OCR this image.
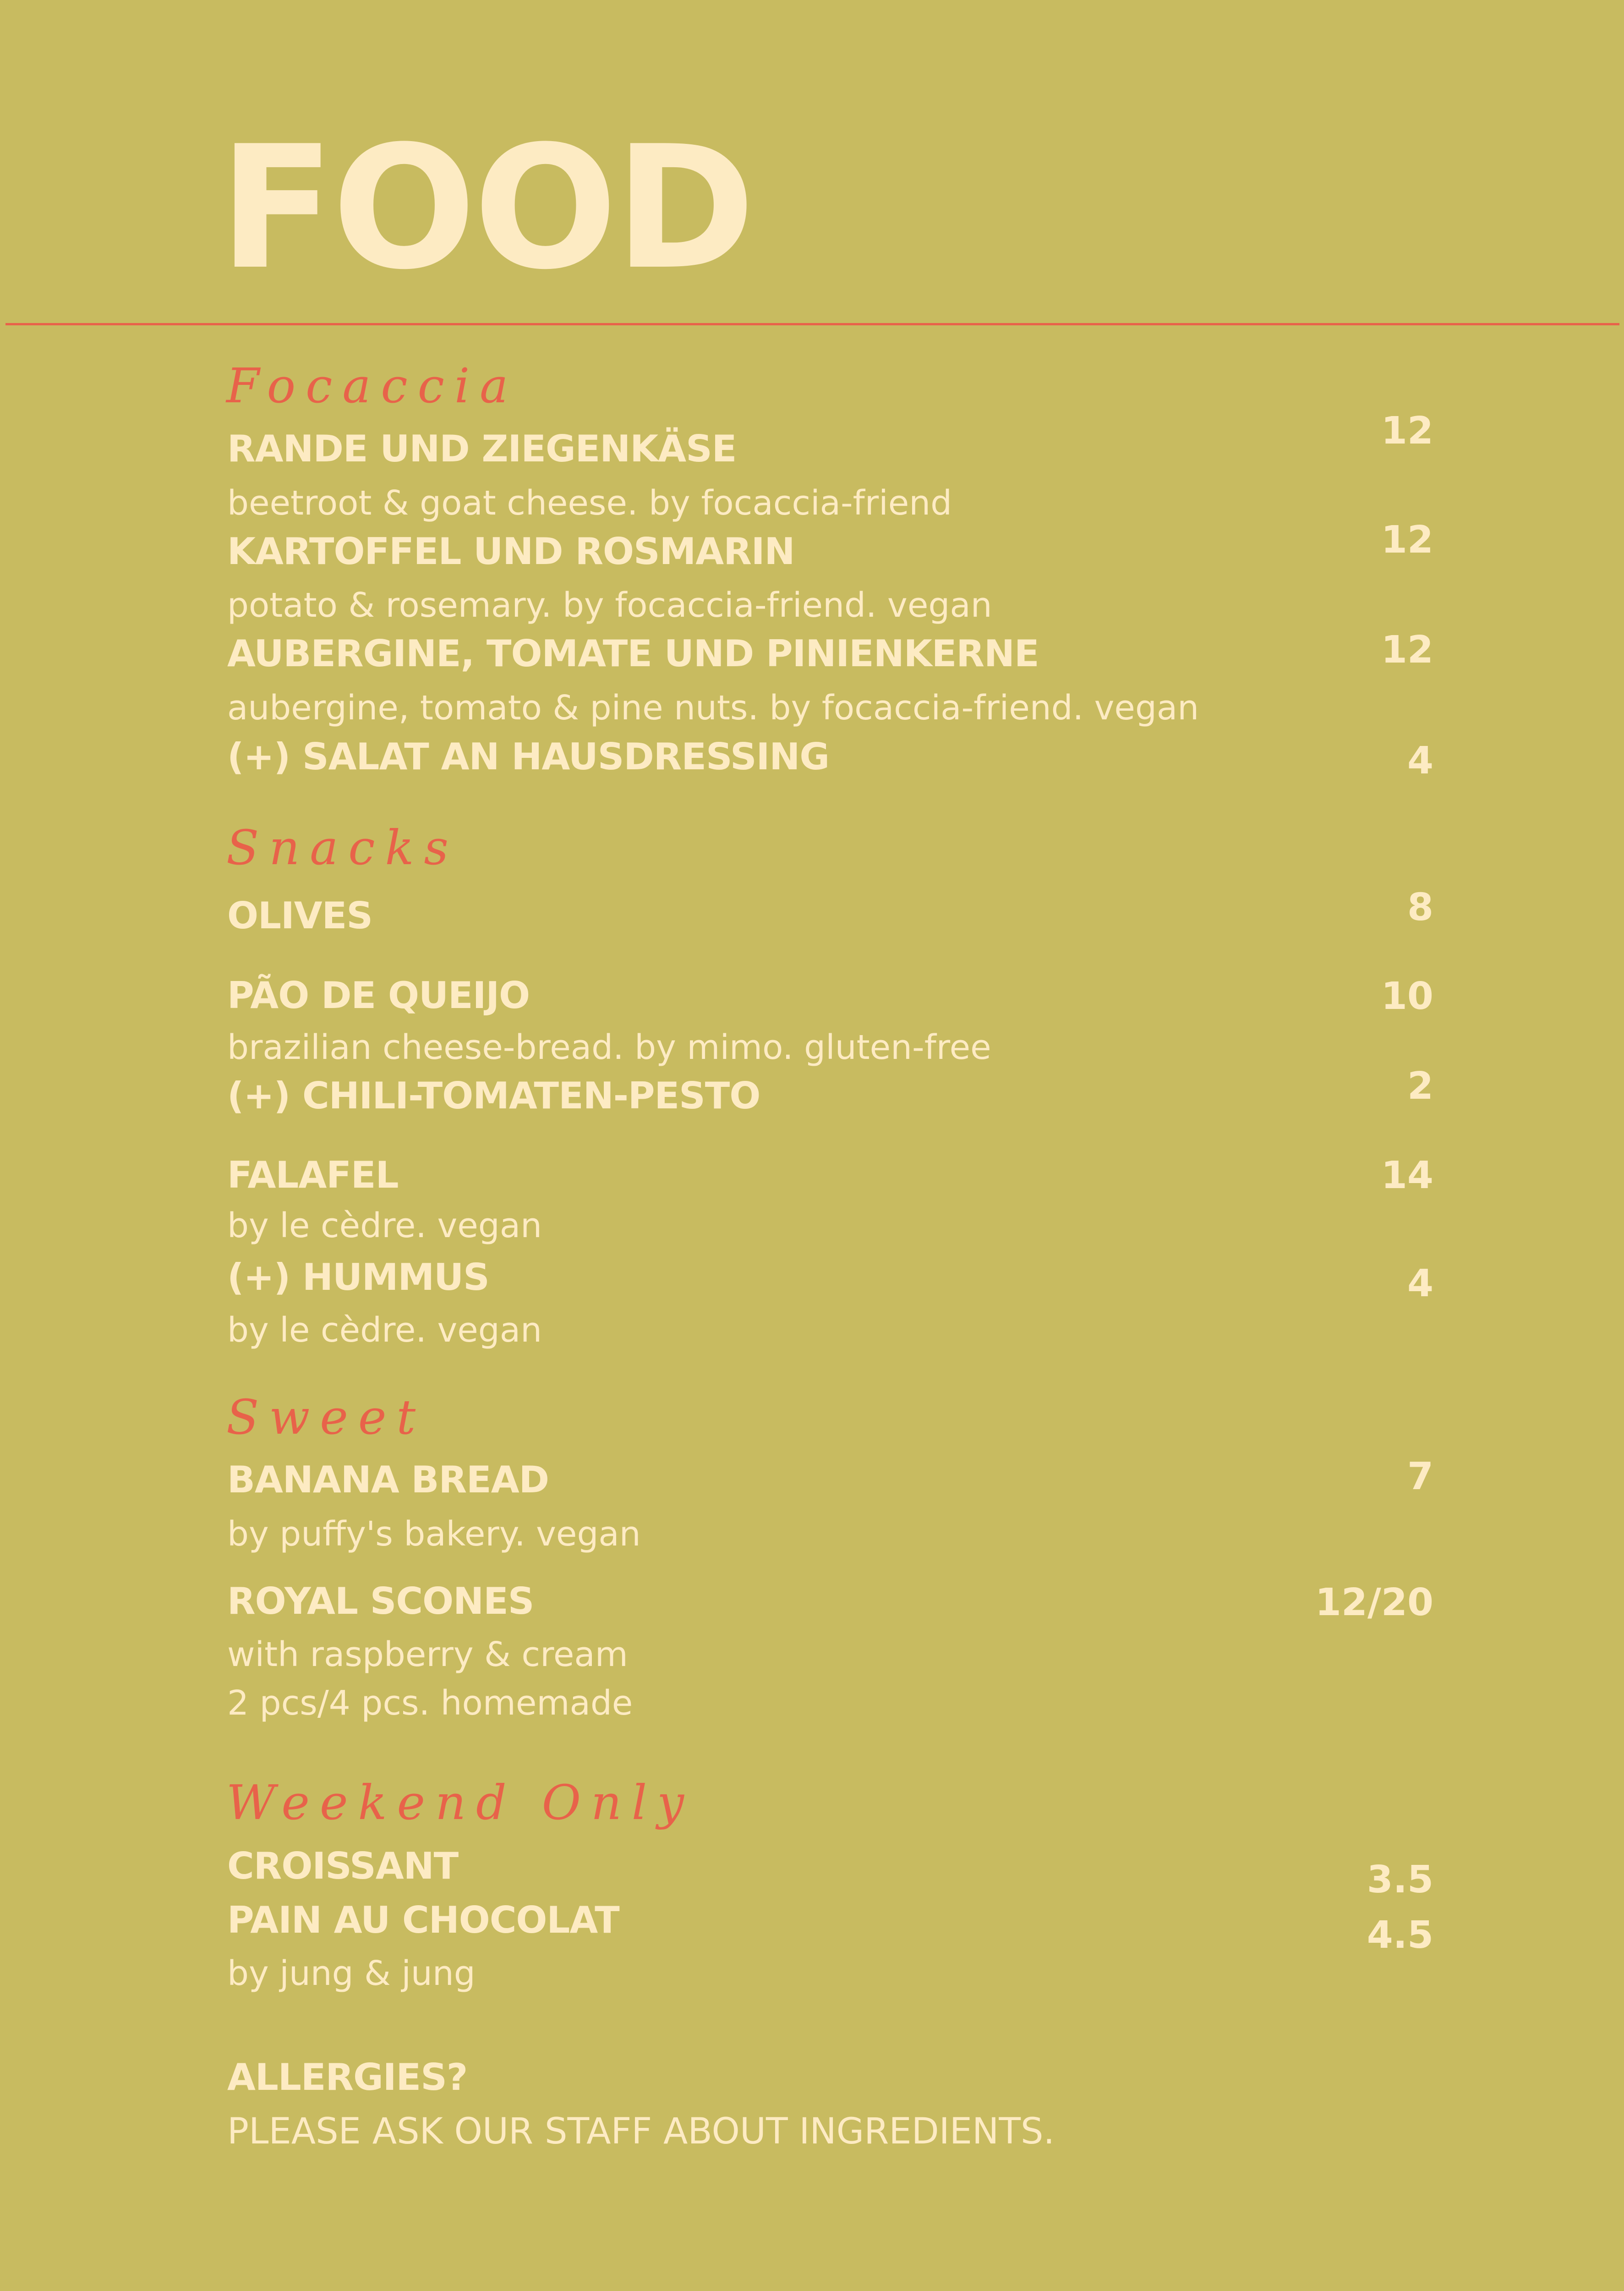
FOOD
Focaccia
RANDE UND ZIEGENKÄSE	12
beetroot & goat cheese. by focaccia-friend
KARTOFFEL UND ROSMARIN	12
potato & rosemary. by focaccia-friend. vegan
AUBERGINE, TOMATE UND PINIENKERNE	12
aubergine, tomato & pine nuts. by focaccia-friend. vegan
(+) SALAT AN HAUSDRESSING	4
Snacks
OLIVES	8
PÃO DE QUEIJO	10
brazilian cheese-bread. by mimo. gluten-free
(+) CHILI-TOMATEN-PESTO	2
FALAFEL	14
by le cèdre. vegan
(+) HUMMUS	4
by le cèdre. vegan
Sweet
BANANA BREAD	7
by puffy's bakery. vegan
ROYAL SCONES	12/20
with raspberry & cream
2 pcs/4 pcs. homemade
Weekend Only
CROISSANT	3.5
PAIN AU CHOCOLAT	4.5
by jung & jung
ALLERGIES?
PLEASE ASK OUR STAFF ABOUT INGREDIENTS.
